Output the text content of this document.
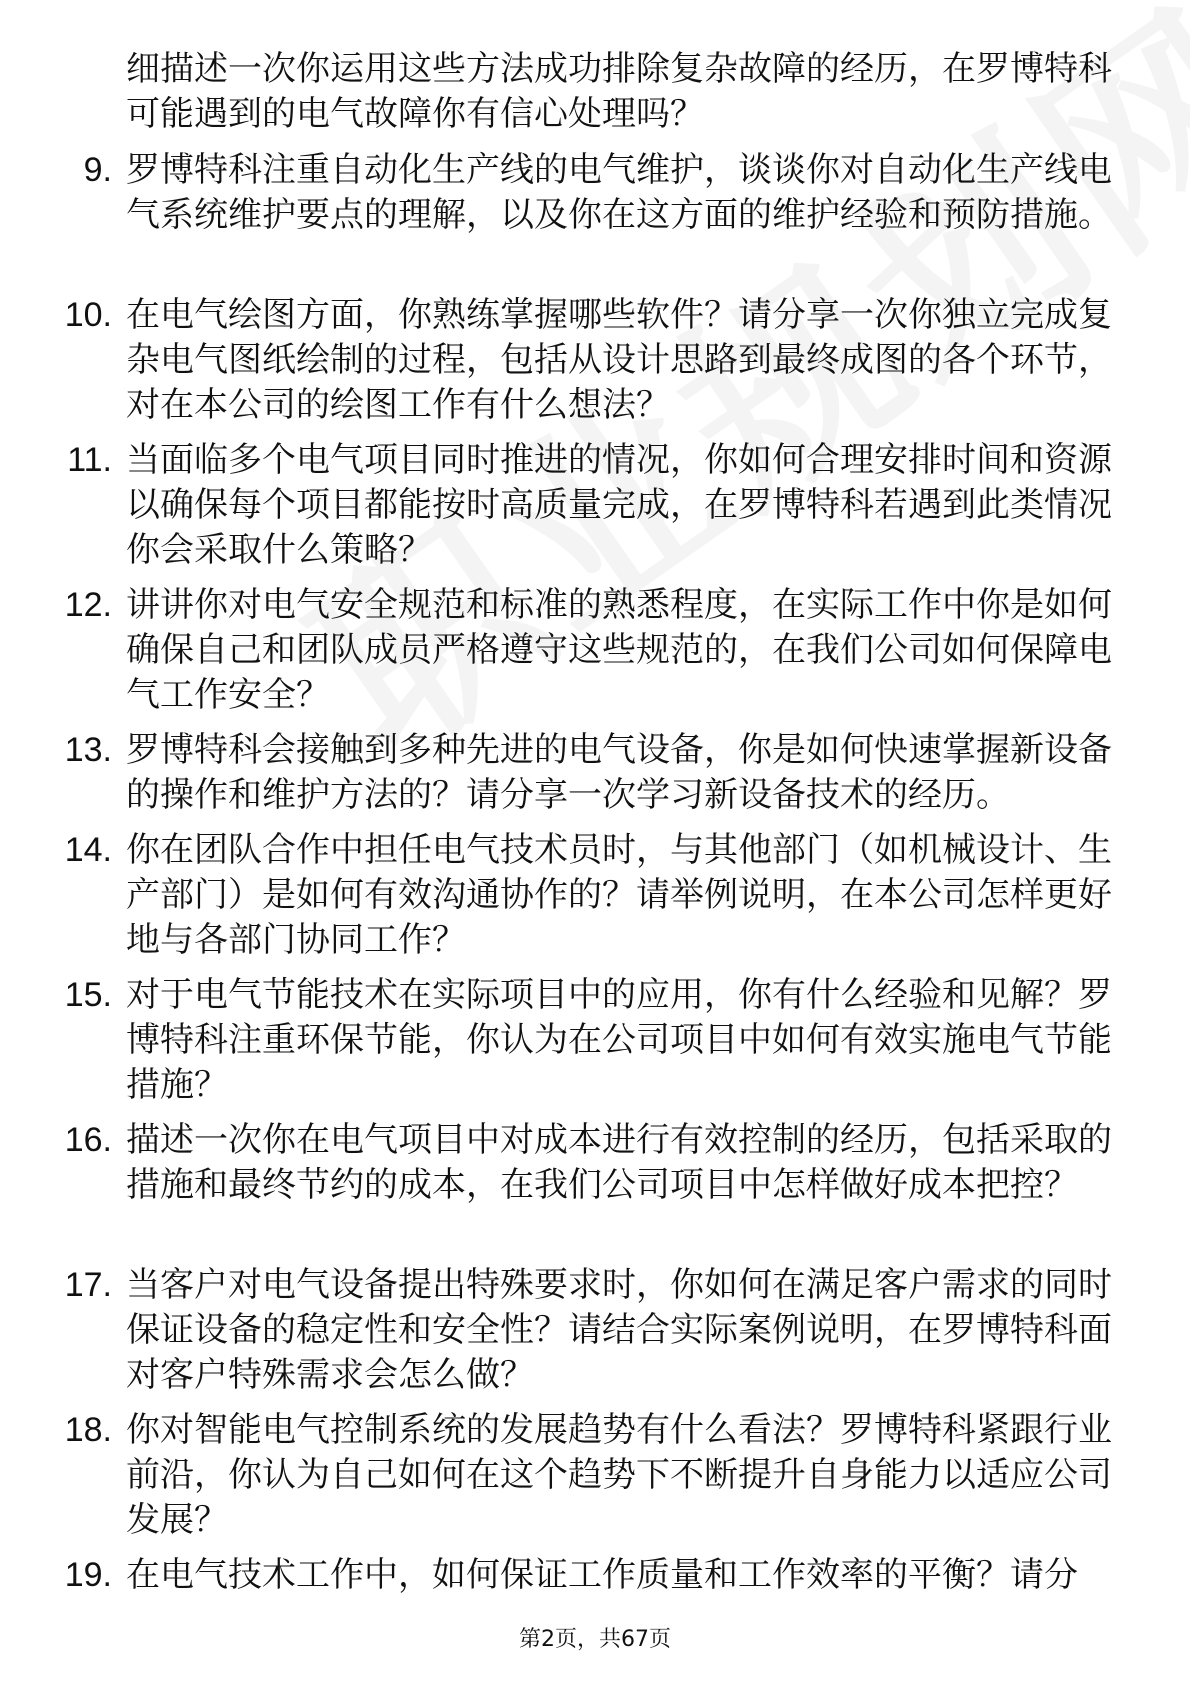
细描述一次你运用这些方法成功排除复杂故障的经历，在罗博特科可能遇到的电气故障你有信心处理吗？
9. 罗博特科注重自动化生产线的电气维护，谈谈你对自动化生产线电气系统维护要点的理解，以及你在这方面的维护经验和预防措施。
10. 在电气绘图方面，你熟练掌握哪些软件？请分享一次你独立完成复杂电气图纸绘制的过程，包括从设计思路到最终成图的各个环节，对在本公司的绘图工作有什么想法？
11. 当面临多个电气项目同时推进的情况，你如何合理安排时间和资源以确保每个项目都能按时高质量完成，在罗博特科若遇到此类情况你会采取什么策略？
12. 讲讲你对电气安全规范和标准的熟悉程度，在实际工作中你是如何确保自己和团队成员严格遵守这些规范的，在我们公司如何保障电气工作安全？
13. 罗博特科会接触到多种先进的电气设备，你是如何快速掌握新设备的操作和维护方法的？请分享一次学习新设备技术的经历。
14. 你在团队合作中担任电气技术员时，与其他部门（如机械设计、生产部门）是如何有效沟通协作的？请举例说明，在本公司怎样更好地与各部门协同工作？
15. 对于电气节能技术在实际项目中的应用，你有什么经验和见解？罗博特科注重环保节能，你认为在公司项目中如何有效实施电气节能措施？
16. 描述一次你在电气项目中对成本进行有效控制的经历，包括采取的措施和最终节约的成本，在我们公司项目中怎样做好成本把控？
17. 当客户对电气设备提出特殊要求时，你如何在满足客户需求的同时保证设备的稳定性和安全性？请结合实际案例说明，在罗博特科面对客户特殊需求会怎么做？
18. 你对智能电气控制系统的发展趋势有什么看法？罗博特科紧跟行业前沿，你认为自己如何在这个趋势下不断提升自身能力以适应公司发展？
19. 在电气技术工作中，如何保证工作质量和工作效率的平衡？请分
第2页，共67页
